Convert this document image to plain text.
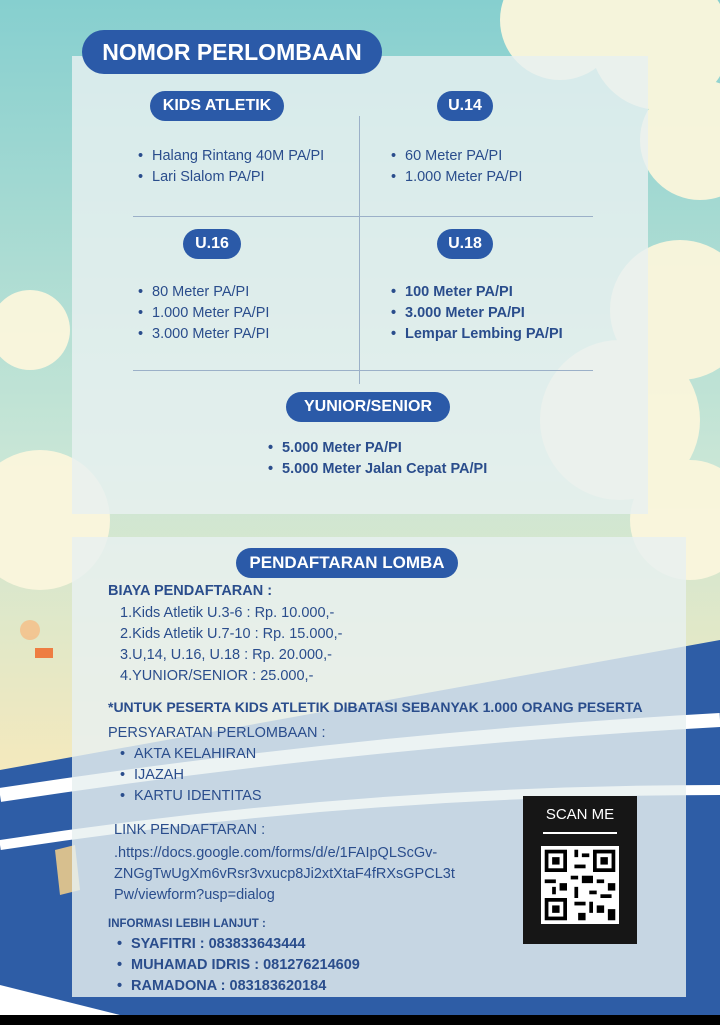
NOMOR PERLOMBAAN
KIDS ATLETIK
• Halang Rintang 40M PA/PI
• Lari Slalom PA/PI
U.14
• 60 Meter PA/PI
• 1.000 Meter PA/PI
U.16
• 80 Meter PA/PI
• 1.000 Meter PA/PI
• 3.000 Meter PA/PI
U.18
• 100 Meter PA/PI
• 3.000 Meter PA/PI
• Lempar Lembing PA/PI
YUNIOR/SENIOR
• 5.000 Meter PA/PI
• 5.000 Meter Jalan Cepat PA/PI
PENDAFTARAN LOMBA
BIAYA PENDAFTARAN :
1.Kids Atletik U.3-6 : Rp. 10.000,-
2.Kids Atletik U.7-10 : Rp. 15.000,-
3.U,14, U.16, U.18 : Rp. 20.000,-
4.YUNIOR/SENIOR : 25.000,-
*UNTUK PESERTA KIDS ATLETIK DIBATASI SEBANYAK 1.000 ORANG PESERTA
PERSYARATAN PERLOMBAAN :
• AKTA KELAHIRAN
• IJAZAH
• KARTU IDENTITAS
LINK PENDAFTARAN :
.https://docs.google.com/forms/d/e/1FAIpQLScGv-
ZNGgTwUgXm6vRsr3vxucp8Ji2xtXtaF4fRXsGPCL3t
Pw/viewform?usp=dialog
INFORMASI LEBIH LANJUT :
• SYAFITRI : 083833643444
• MUHAMAD IDRIS : 081276214609
• RAMADONA : 083183620184
SCAN ME
